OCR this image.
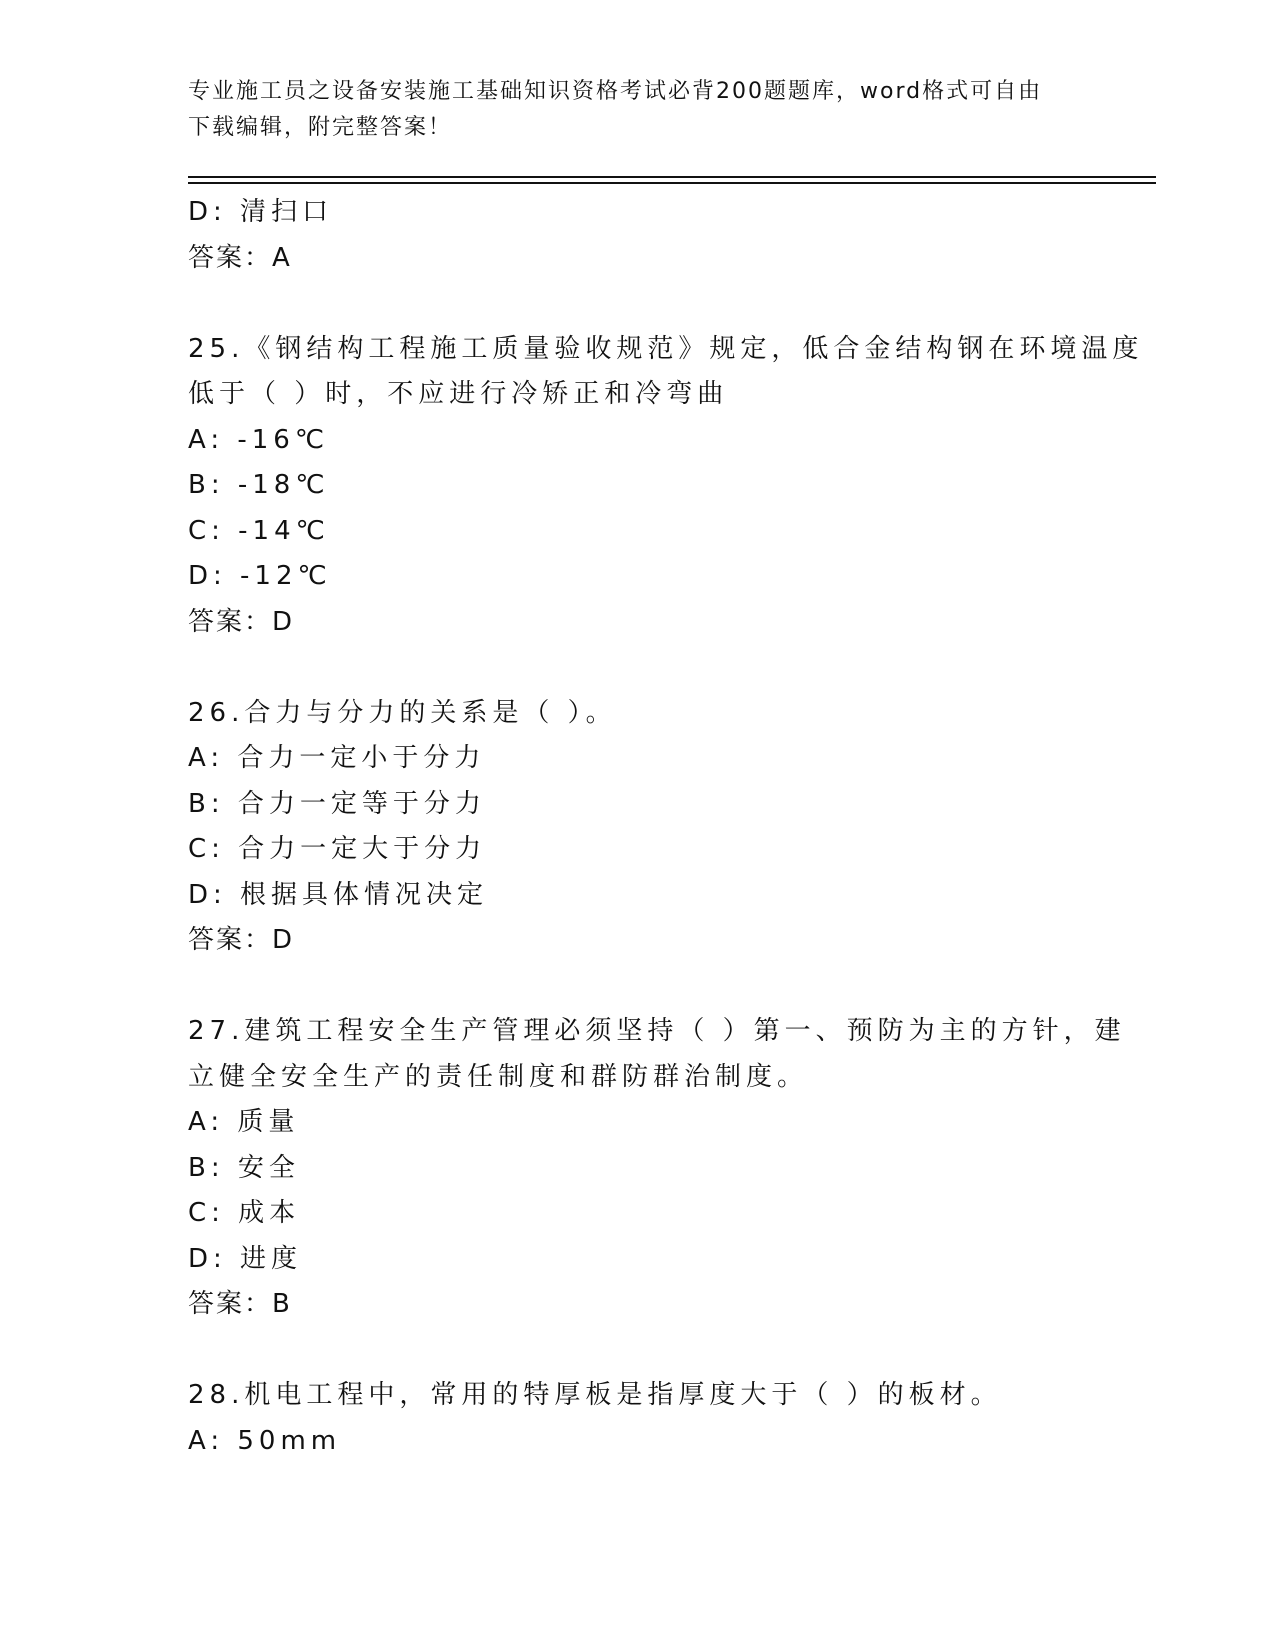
专业施工员之设备安装施工基础知识资格考试必背200题题库，word格式可自由
下载编辑，附完整答案！
D: 清扫口
答案：A
25.《钢结构工程施工质量验收规范》规定，低合金结构钢在环境温度
低于（ ）时，不应进行冷矫正和冷弯曲
A: -16℃
B: -18℃
C: -14℃
D: -12℃
答案：D
26.合力与分力的关系是（ ）。
A: 合力一定小于分力
B: 合力一定等于分力
C: 合力一定大于分力
D: 根据具体情况决定
答案：D
27.建筑工程安全生产管理必须坚持（ ）第一、预防为主的方针，建
立健全安全生产的责任制度和群防群治制度。
A: 质量
B: 安全
C: 成本
D: 进度
答案：B
28.机电工程中，常用的特厚板是指厚度大于（ ）的板材。
A: 50mm
